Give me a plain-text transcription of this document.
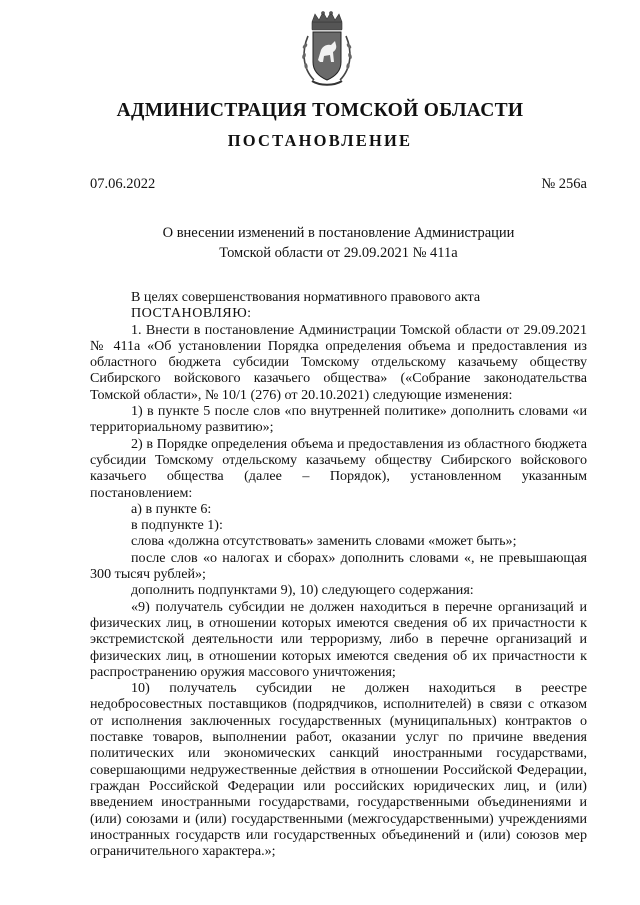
АДМИНИСТРАЦИЯ ТОМСКОЙ ОБЛАСТИ
ПОСТАНОВЛЕНИЕ
07.06.2022	№ 256а
О внесении изменений в постановление Администрации
Томской области от 29.09.2021 № 411а

В целях совершенствования нормативного правового акта

ПОСТАНОВЛЯЮ:

1. Внести в постановление Администрации Томской области от 29.09.2021 № 411а «Об установлении Порядка определения объема и предоставления из областного бюджета субсидии Томскому отдельскому казачьему обществу Сибирского войскового казачьего общества» («Собрание законодательства Томской области», № 10/1 (276) от 20.10.2021) следующие изменения:

1) в пункте 5 после слов «по внутренней политике» дополнить словами «и территориальному развитию»;

2) в Порядке определения объема и предоставления из областного бюджета субсидии Томскому отдельскому казачьему обществу Сибирского войскового казачьего общества (далее – Порядок), установленном указанным постановлением:

а) в пункте 6:

в подпункте 1):

слова «должна отсутствовать» заменить словами «может быть»;

после слов «о налогах и сборах» дополнить словами «, не превышающая 300 тысяч рублей»;

дополнить подпунктами 9), 10) следующего содержания:

«9) получатель субсидии не должен находиться в перечне организаций и физических лиц, в отношении которых имеются сведения об их причастности к экстремистской деятельности или терроризму, либо в перечне организаций и физических лиц, в отношении которых имеются сведения об их причастности к распространению оружия массового уничтожения;

10) получатель субсидии не должен находиться в реестре недобросовестных поставщиков (подрядчиков, исполнителей) в связи с отказом от исполнения заключенных государственных (муниципальных) контрактов о поставке товаров, выполнении работ, оказании услуг по причине введения политических или экономических санкций иностранными государствами, совершающими недружественные действия в отношении Российской Федерации, граждан Российской Федерации или российских юридических лиц, и (или) введением иностранными государствами, государственными объединениями и (или) союзами и (или) государственными (межгосударственными) учреждениями иностранных государств или государственных объединений и (или) союзов мер ограничительного характера.»;
